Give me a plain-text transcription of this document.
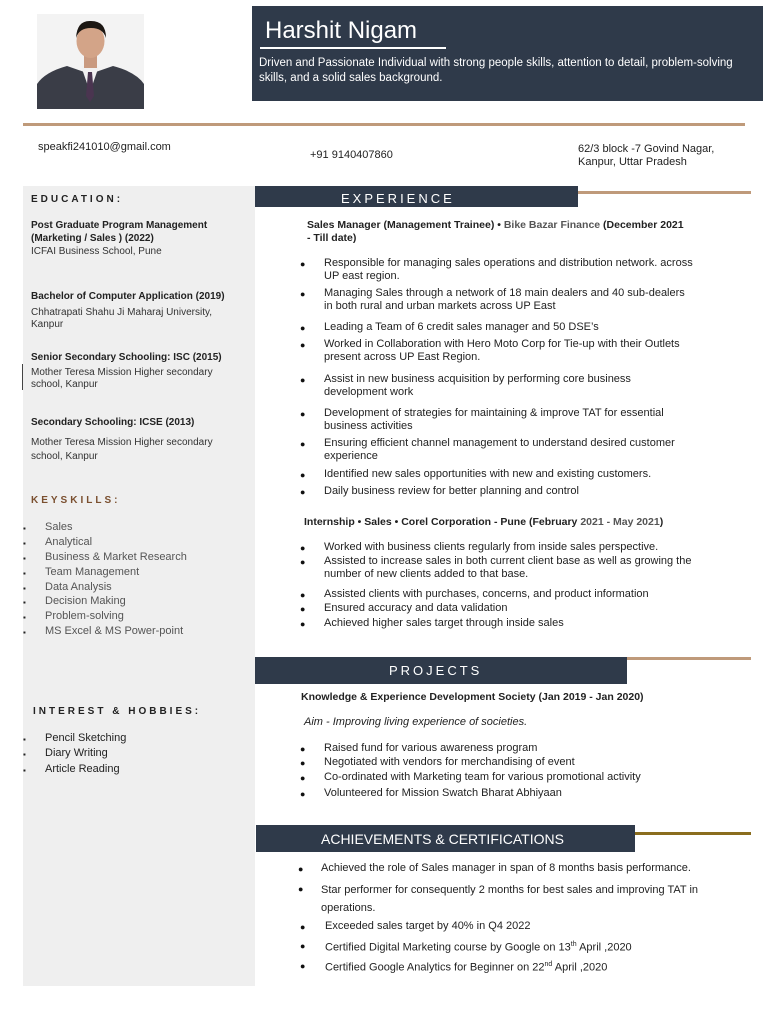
Harshit Nigam
Driven and Passionate Individual with strong people skills, attention to detail, problem-solving skills, and a solid sales background.
speakfi241010@gmail.com
+91 9140407860	62/3 block -7 Govind Nagar,
Kanpur, Uttar Pradesh
EDUCATION:
Post Graduate Program Management (Marketing / Sales ) (2022)
ICFAI Business School, Pune
Bachelor of Computer Application (2019)
Chhatrapati Shahu Ji Maharaj University, Kanpur
Senior Secondary Schooling: ISC (2015)
Mother Teresa Mission Higher secondary school, Kanpur
Secondary Schooling: ICSE (2013)
Mother Teresa Mission Higher secondary school, Kanpur
KEYSKILLS:
▪ Sales
▪ Analytical
▪ Business & Market Research
▪ Team Management
▪ Data Analysis
▪ Decision Making
▪ Problem-solving
▪ MS Excel & MS Power-point
INTEREST & HOBBIES:
▪ Pencil Sketching
▪ Diary Writing
▪ Article Reading
EXPERIENCE
Sales Manager (Management Trainee) • Bike Bazar Finance (December 2021 - Till date)
● Responsible for managing sales operations and distribution network. across UP east region.
● Managing Sales through a network of 18 main dealers and 40 sub-dealers in both rural and urban markets across UP East
● Leading a Team of 6 credit sales manager and 50 DSE’s
● Worked in Collaboration with Hero Moto Corp for Tie-up with their Outlets present across UP East Region.
● Assist in new business acquisition by performing core business development work
● Development of strategies for maintaining & improve TAT for essential business activities
● Ensuring efficient channel management to understand desired customer experience
● Identified new sales opportunities with new and existing customers.
● Daily business review for better planning and control
Internship • Sales • Corel Corporation - Pune (February 2021 - May 2021)
● Worked with business clients regularly from inside sales perspective.
● Assisted to increase sales in both current client base as well as growing the number of new clients added to that base.
● Assisted clients with purchases, concerns, and product information
● Ensured accuracy and data validation
● Achieved higher sales target through inside sales
PROJECTS
Knowledge & Experience Development Society (Jan 2019 - Jan 2020)
Aim - Improving living experience of societies.
● Raised fund for various awareness program
● Negotiated with vendors for merchandising of event
● Co-ordinated with Marketing team for various promotional activity
● Volunteered for Mission Swatch Bharat Abhiyaan
ACHIEVEMENTS & CERTIFICATIONS
● Achieved the role of Sales manager in span of 8 months basis performance.
● Star performer for consequently 2 months for best sales and improving TAT in operations.
● Exceeded sales target by 40% in Q4 2022
● Certified Digital Marketing course by Google on 13th April ,2020
● Certified Google Analytics for Beginner on 22nd April ,2020
